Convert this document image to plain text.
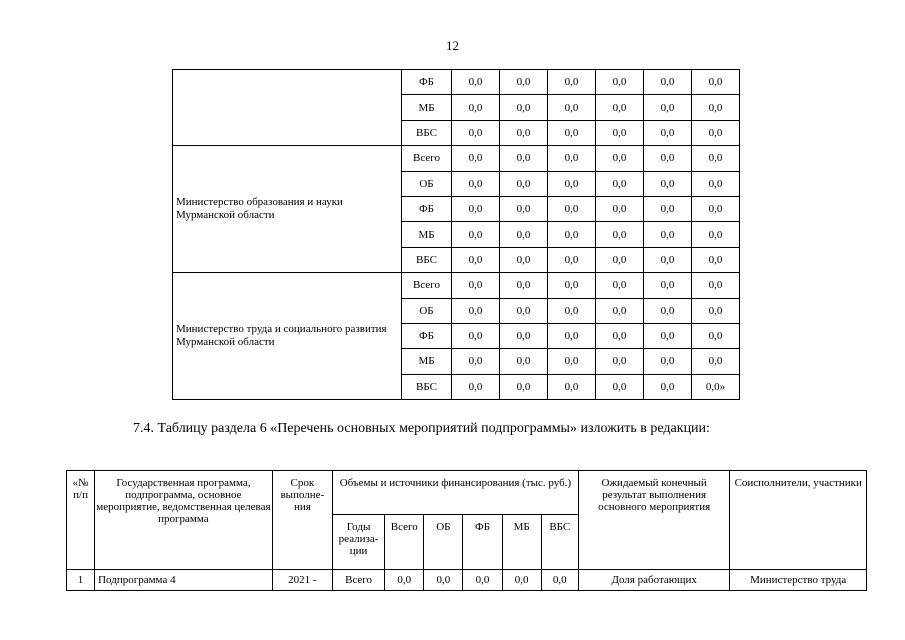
12
	ФБ	0,0	0,0	0,0	0,0	0,0	0,0
	МБ	0,0	0,0	0,0	0,0	0,0	0,0
	ВБС	0,0	0,0	0,0	0,0	0,0	0,0
Министерство образования и науки Мурманской области	Всего	0,0	0,0	0,0	0,0	0,0	0,0
	ОБ	0,0	0,0	0,0	0,0	0,0	0,0
	ФБ	0,0	0,0	0,0	0,0	0,0	0,0
	МБ	0,0	0,0	0,0	0,0	0,0	0,0
	ВБС	0,0	0,0	0,0	0,0	0,0	0,0
Министерство труда и социального развития Мурманской области	Всего	0,0	0,0	0,0	0,0	0,0	0,0
	ОБ	0,0	0,0	0,0	0,0	0,0	0,0
	ФБ	0,0	0,0	0,0	0,0	0,0	0,0
	МБ	0,0	0,0	0,0	0,0	0,0	0,0
	ВБС	0,0	0,0	0,0	0,0	0,0	0,0»
7.4. Таблицу раздела 6 «Перечень основных мероприятий подпрограммы» изложить в редакции:
«№ п/п	Государственная программа, подпрограмма, основное мероприятие, ведомственная целевая программа	Срок выполне-ния	Объемы и источники финансирования (тыс. руб.)						Ожидаемый конечный результат выполнения основного мероприятия	Соисполнители, участники
			Годы реализа-ции	Всего	ОБ	ФБ	МБ	ВБС		
1	Подпрограмма 4	2021 -	Всего	0,0	0,0	0,0	0,0	0,0	Доля работающих	Министерство труда
